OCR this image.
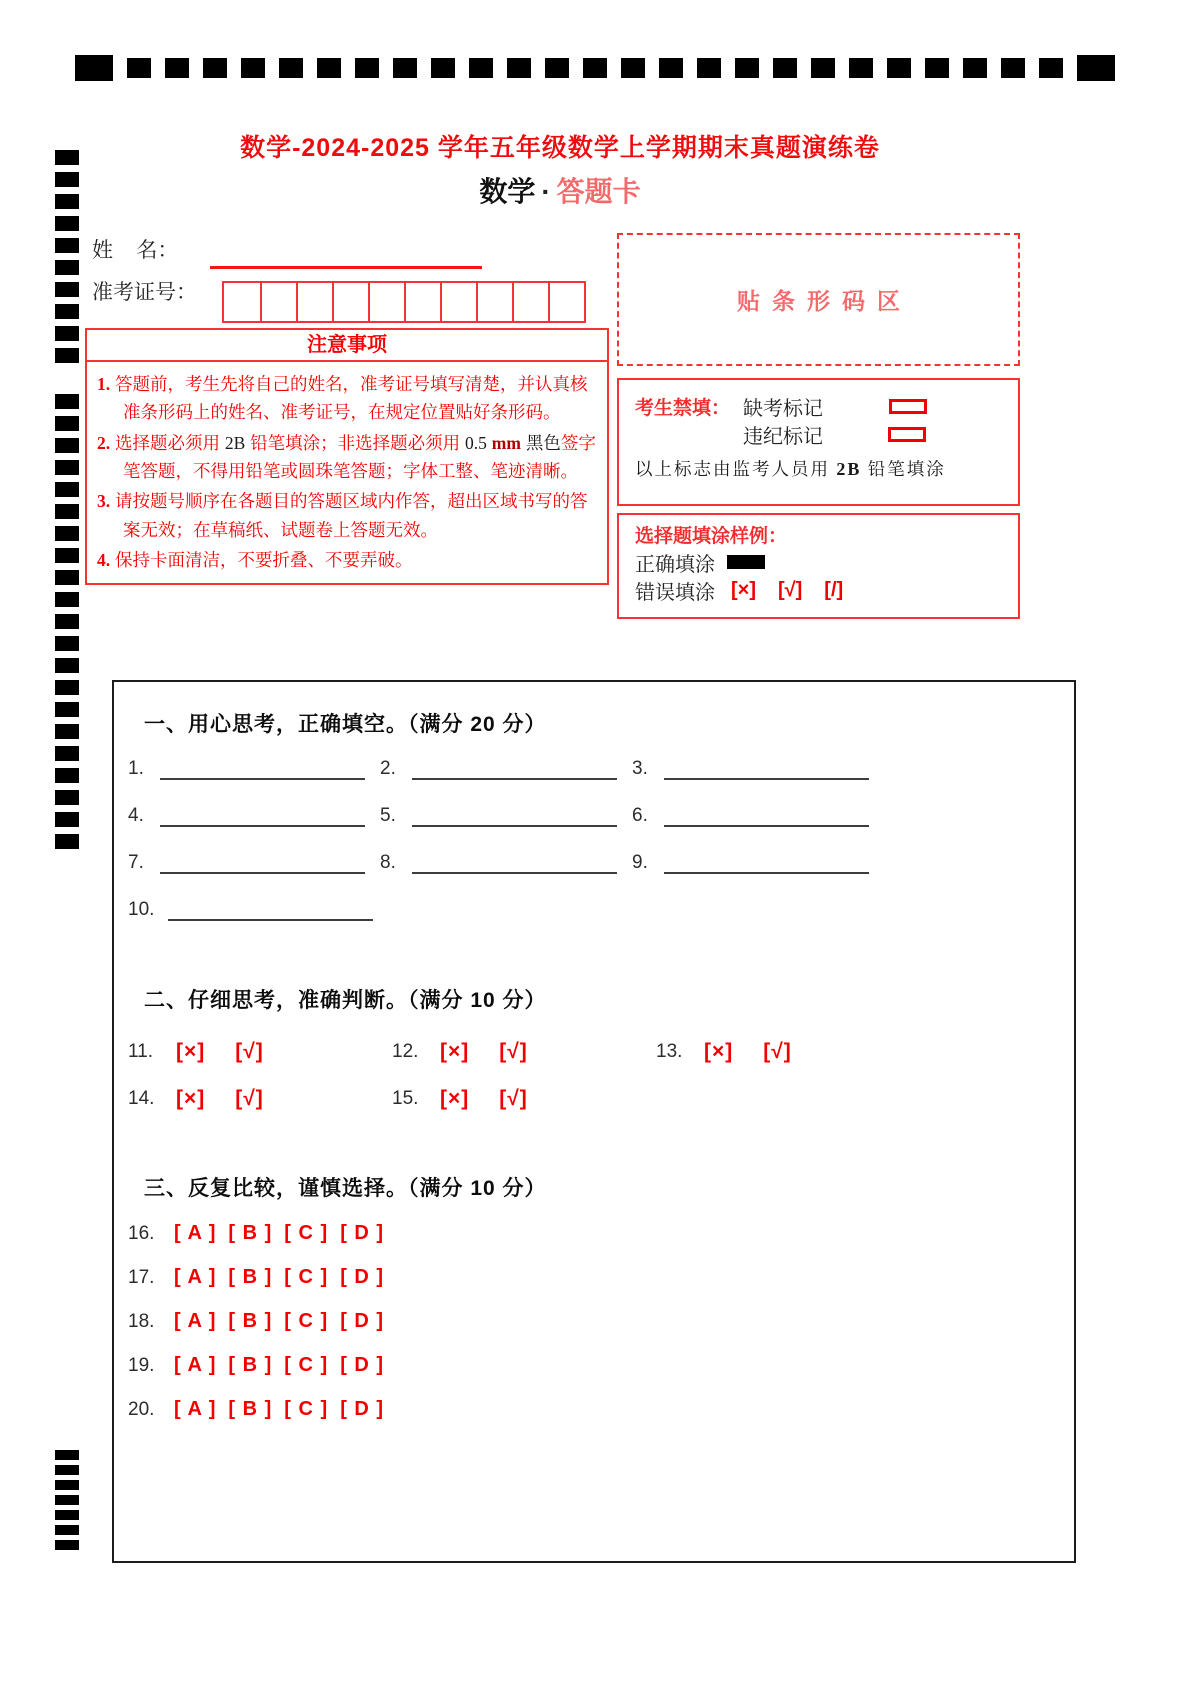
数学-2024-2025 学年五年级数学上学期期末真题演练卷
数学 · 答题卡
姓    名：
准考证号：
注意事项
1. 答题前，考生先将自己的姓名，准考证号填写清楚，并认真核准条形码上的姓名、准考证号，在规定位置贴好条形码。
2. 选择题必须用 2B 铅笔填涂；非选择题必须用 0.5 mm 黑色签字笔答题，不得用铅笔或圆珠笔答题；字体工整、笔迹清晰。
3. 请按题号顺序在各题目的答题区域内作答，超出区域书写的答案无效；在草稿纸、试题卷上答题无效。
4. 保持卡面清洁，不要折叠、不要弄破。
贴条形码区
考生禁填： 缺考标记
违纪标记
以上标志由监考人员用 2B 铅笔填涂
选择题填涂样例：
正确填涂
错误填涂 [×] [√] [/]
一、用心思考，正确填空。（满分 20 分）
1.	2.	3.
4.	5.	6.
7.	8.	9.
10.
二、仔细思考，准确判断。（满分 10 分）
11.	[×] [√]	12.	[×] [√]	13.	[×] [√]
14.	[×] [√]	15.	[×] [√]
三、反复比较，谨慎选择。（满分 10 分）
16. [ A ] [ B ] [ C ] [ D ]
17. [ A ] [ B ] [ C ] [ D ]
18. [ A ] [ B ] [ C ] [ D ]
19. [ A ] [ B ] [ C ] [ D ]
20. [ A ] [ B ] [ C ] [ D ]
